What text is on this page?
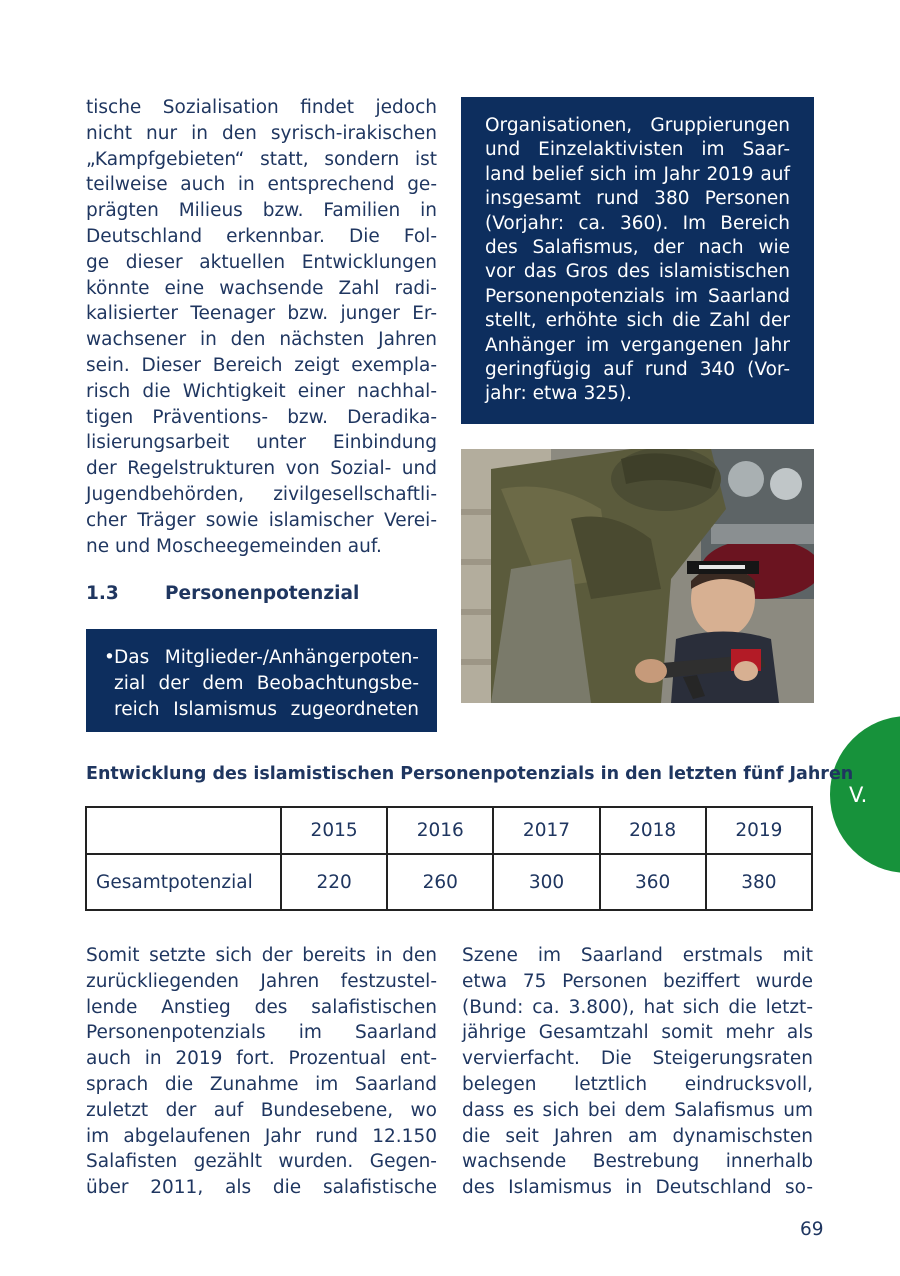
tische Sozialisation findet jedoch
nicht nur in den syrisch-irakischen
„Kampfgebieten“ statt, sondern ist
teilweise auch in entsprechend ge-
prägten Milieus bzw. Familien in
Deutschland erkennbar. Die Fol-
ge dieser aktuellen Entwicklungen
könnte eine wachsende Zahl radi-
kalisierter Teenager bzw. junger Er-
wachsener in den nächsten Jahren
sein. Dieser Bereich zeigt exempla-
risch die Wichtigkeit einer nachhal-
tigen Präventions- bzw. Deradika-
lisierungsarbeit unter Einbindung
der Regelstrukturen von Sozial- und
Jugendbehörden, zivilgesellschaftli-
cher Träger sowie islamischer Verei-
ne und Moscheegemeinden auf.

Organisationen, Gruppierungen
und Einzelaktivisten im Saar-
land belief sich im Jahr 2019 auf
insgesamt rund 380 Personen
(Vorjahr: ca. 360). Im Bereich
des Salafismus, der nach wie
vor das Gros des islamistischen
Personenpotenzials im Saarland
stellt, erhöhte sich die Zahl der
Anhänger im vergangenen Jahr
geringfügig auf rund 340 (Vor-
jahr: etwa 325).

1.3 Personenpotenzial

• Das Mitglieder-/Anhängerpoten-
zial der dem Beobachtungsbe-
reich Islamismus zugeordneten

V.
Entwicklung des islamistischen Personenpotenzials in den letzten fünf Jahren
	2015	2016	2017	2018	2019
Gesamtpotenzial	220	260	300	360	380
Somit setzte sich der bereits in den
zurückliegenden Jahren festzustel-
lende Anstieg des salafistischen
Personenpotenzials im Saarland
auch in 2019 fort. Prozentual ent-
sprach die Zunahme im Saarland
zuletzt der auf Bundesebene, wo
im abgelaufenen Jahr rund 12.150
Salafisten gezählt wurden. Gegen-
über 2011, als die salafistische
Szene im Saarland erstmals mit
etwa 75 Personen beziffert wurde
(Bund: ca. 3.800), hat sich die letzt-
jährige Gesamtzahl somit mehr als
vervierfacht. Die Steigerungsraten
belegen letztlich eindrucksvoll,
dass es sich bei dem Salafismus um
die seit Jahren am dynamischsten
wachsende Bestrebung innerhalb
des Islamismus in Deutschland so-
69
